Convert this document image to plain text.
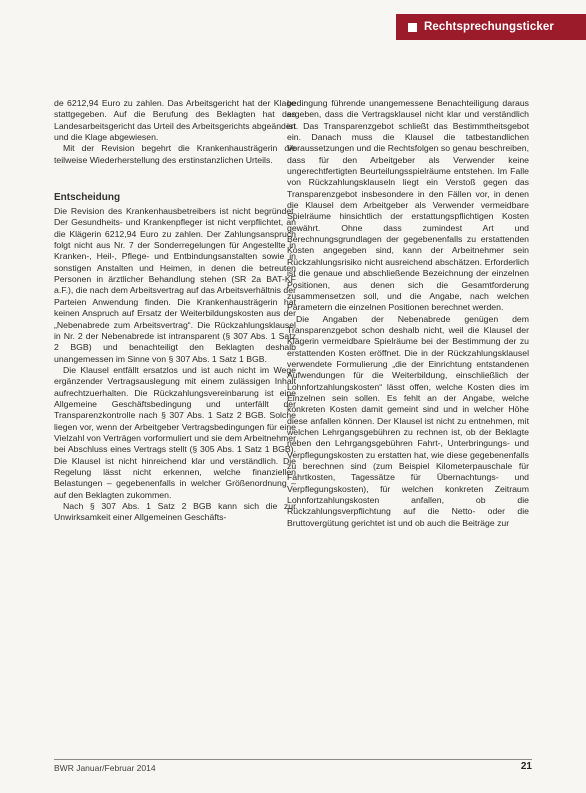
Rechtsprechungsticker

de 6212,94 Euro zu zahlen. Das Arbeitsgericht hat der Klage stattgegeben. Auf die Berufung des Beklagten hat das Landesarbeitsgericht das Urteil des Arbeitsgerichts abgeändert und die Klage abgewiesen.

Mit der Revision begehrt die Krankenhausträgerin die teilweise Wiederherstellung des erstinstanzlichen Urteils.

Entscheidung

Die Revision des Krankenhausbetreibers ist nicht begründet. Der Gesundheits- und Krankenpfleger ist nicht verpflichtet, an die Klägerin 6212,94 Euro zu zahlen. Der Zahlungsanspruch folgt nicht aus Nr. 7 der Sonderregelungen für Angestellte in Kranken-, Heil-, Pflege- und Entbindungsanstalten sowie in sonstigen Anstalten und Heimen, in denen die betreuten Personen in ärztlicher Behandlung stehen (SR 2a BAT-KF a.F.), die nach dem Arbeitsvertrag auf das Arbeitsverhältnis der Parteien Anwendung finden. Die Krankenhausträgerin hat keinen Anspruch auf Ersatz der Weiterbildungskosten aus der „Nebenabrede zum Arbeitsvertrag“. Die Rückzahlungsklausel in Nr. 2 der Nebenabrede ist intransparent (§ 307 Abs. 1 Satz 2 BGB) und benachteiligt den Beklagten deshalb unangemessen im Sinne von § 307 Abs. 1 Satz 1 BGB.

Die Klausel entfällt ersatzlos und ist auch nicht im Wege ergänzender Vertragsauslegung mit einem zulässigen Inhalt aufrechtzuerhalten. Die Rückzahlungsvereinbarung ist eine Allgemeine Geschäftsbedingung und unterfällt der Transparenzkontrolle nach § 307 Abs. 1 Satz 2 BGB. Solche liegen vor, wenn der Arbeitgeber Vertragsbedingungen für eine Vielzahl von Verträgen vorformuliert und sie dem Arbeitnehmer bei Abschluss eines Vertrags stellt (§ 305 Abs. 1 Satz 1 BGB). Die Klausel ist nicht hinreichend klar und verständlich. Die Regelung lässt nicht erkennen, welche finanziellen Belastungen – gegebenenfalls in welcher Größenordnung – auf den Beklagten zukommen.

Nach § 307 Abs. 1 Satz 2 BGB kann sich die zur Unwirksamkeit einer Allgemeinen Geschäfts-

bedingung führende unangemessene Benachteiligung daraus ergeben, dass die Vertragsklausel nicht klar und verständlich ist. Das Transparenzgebot schließt das Bestimmtheitsgebot ein. Danach muss die Klausel die tatbestandlichen Voraussetzungen und die Rechtsfolgen so genau beschreiben, dass für den Arbeitgeber als Verwender keine ungerechtfertigten Beurteilungsspielräume entstehen. Im Falle von Rückzahlungsklauseln liegt ein Verstoß gegen das Transparenzgebot insbesondere in den Fällen vor, in denen die Klausel dem Arbeitgeber als Verwender vermeidbare Spielräume hinsichtlich der erstattungspflichtigen Kosten gewährt. Ohne dass zumindest Art und Berechnungsgrundlagen der gegebenenfalls zu erstattenden Kosten angegeben sind, kann der Arbeitnehmer sein Rückzahlungsrisiko nicht ausreichend abschätzen. Erforderlich ist die genaue und abschließende Bezeichnung der einzelnen Positionen, aus denen sich die Gesamtforderung zusammensetzen soll, und die Angabe, nach welchen Parametern die einzelnen Positionen berechnet werden.

Die Angaben der Nebenabrede genügen dem Transparenzgebot schon deshalb nicht, weil die Klausel der Klägerin vermeidbare Spielräume bei der Bestimmung der zu erstattenden Kosten eröffnet. Die in der Rückzahlungsklausel verwendete Formulierung „die der Einrichtung entstandenen Aufwendungen für die Weiterbildung, einschließlich der Lohnfortzahlungskosten“ lässt offen, welche Kosten dies im Einzelnen sein sollen. Es fehlt an der Angabe, welche konkreten Kosten damit gemeint sind und in welcher Höhe diese anfallen können. Der Klausel ist nicht zu entnehmen, mit welchen Lehrgangsgebühren zu rechnen ist, ob der Beklagte neben den Lehrgangsgebühren Fahrt-, Unterbringungs- und Verpflegungskosten zu erstatten hat, wie diese gegebenenfalls zu berechnen sind (zum Beispiel Kilometerpauschale für Fahrtkosten, Tagessätze für Übernachtungs- und Verpflegungskosten), für welchen konkreten Zeitraum Lohnfortzahlungskosten anfallen, ob die Rückzahlungsverpflichtung auf die Netto- oder die Bruttovergütung gerichtet ist und ob auch die Beiträge zur

BWR Januar/Februar 2014	21
